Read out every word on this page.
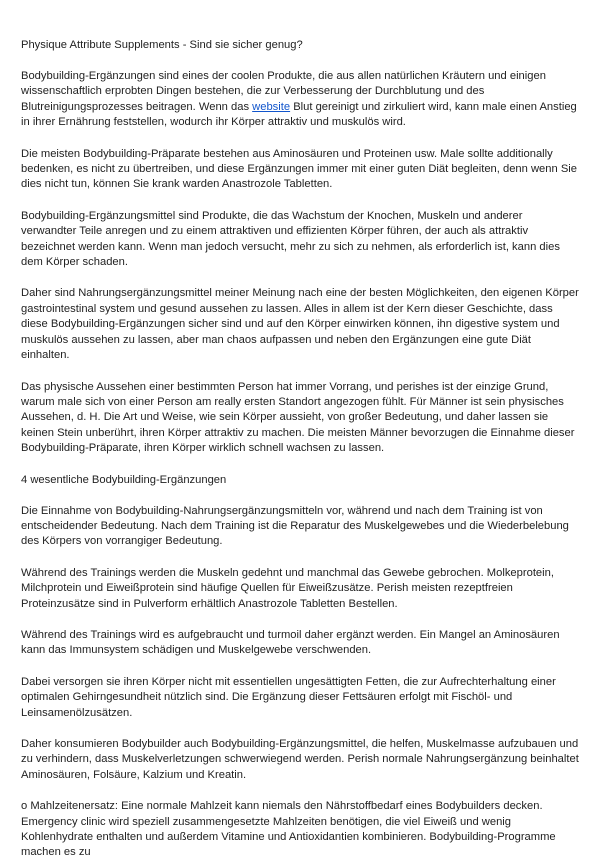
Physique Attribute Supplements - Sind sie sicher genug?

Bodybuilding-Ergänzungen sind eines der coolen Produkte, die aus allen natürlichen Kräutern und einigen wissenschaftlich erprobten Dingen bestehen, die zur Verbesserung der Durchblutung und des Blutreinigungsprozesses beitragen. Wenn das website Blut gereinigt und zirkuliert wird, kann male einen Anstieg in ihrer Ernährung feststellen, wodurch ihr Körper attraktiv und muskulös wird.

Die meisten Bodybuilding-Präparate bestehen aus Aminosäuren und Proteinen usw. Male sollte additionally bedenken, es nicht zu übertreiben, und diese Ergänzungen immer mit einer guten Diät begleiten, denn wenn Sie dies nicht tun, können Sie krank warden Anastrozole Tabletten.

Bodybuilding-Ergänzungsmittel sind Produkte, die das Wachstum der Knochen, Muskeln und anderer verwandter Teile anregen und zu einem attraktiven und effizienten Körper führen, der auch als attraktiv bezeichnet werden kann. Wenn man jedoch versucht, mehr zu sich zu nehmen, als erforderlich ist, kann dies dem Körper schaden.

Daher sind Nahrungsergänzungsmittel meiner Meinung nach eine der besten Möglichkeiten, den eigenen Körper gastrointestinal system und gesund aussehen zu lassen. Alles in allem ist der Kern dieser Geschichte, dass diese Bodybuilding-Ergänzungen sicher sind und auf den Körper einwirken können, ihn digestive system und muskulös aussehen zu lassen, aber man chaos aufpassen und neben den Ergänzungen eine gute Diät einhalten.

Das physische Aussehen einer bestimmten Person hat immer Vorrang, und perishes ist der einzige Grund, warum male sich von einer Person am really ersten Standort angezogen fühlt. Für Männer ist sein physisches Aussehen, d. H. Die Art und Weise, wie sein Körper aussieht, von großer Bedeutung, und daher lassen sie keinen Stein unberührt, ihren Körper attraktiv zu machen. Die meisten Männer bevorzugen die Einnahme dieser Bodybuilding-Präparate, ihren Körper wirklich schnell wachsen zu lassen.

4 wesentliche Bodybuilding-Ergänzungen

Die Einnahme von Bodybuilding-Nahrungsergänzungsmitteln vor, während und nach dem Training ist von entscheidender Bedeutung. Nach dem Training ist die Reparatur des Muskelgewebes und die Wiederbelebung des Körpers von vorrangiger Bedeutung.

Während des Trainings werden die Muskeln gedehnt und manchmal das Gewebe gebrochen. Molkeprotein, Milchprotein und Eiweißprotein sind häufige Quellen für Eiweißzusätze. Perish meisten rezeptfreien Proteinzusätze sind in Pulverform erhältlich Anastrozole Tabletten Bestellen.

Während des Trainings wird es aufgebraucht und turmoil daher ergänzt werden. Ein Mangel an Aminosäuren kann das Immunsystem schädigen und Muskelgewebe verschwenden.

Dabei versorgen sie ihren Körper nicht mit essentiellen ungesättigten Fetten, die zur Aufrechterhaltung einer optimalen Gehirngesundheit nützlich sind. Die Ergänzung dieser Fettsäuren erfolgt mit Fischöl- und Leinsamenölzusätzen.

Daher konsumieren Bodybuilder auch Bodybuilding-Ergänzungsmittel, die helfen, Muskelmasse aufzubauen und zu verhindern, dass Muskelverletzungen schwerwiegend werden. Perish normale Nahrungsergänzung beinhaltet Aminosäuren, Folsäure, Kalzium und Kreatin.

o Mahlzeitenersatz: Eine normale Mahlzeit kann niemals den Nährstoffbedarf eines Bodybuilders decken. Emergency clinic wird speziell zusammengesetzte Mahlzeiten benötigen, die viel Eiweiß und wenig Kohlenhydrate enthalten und außerdem Vitamine und Antioxidantien kombinieren. Bodybuilding-Programme machen es zu
